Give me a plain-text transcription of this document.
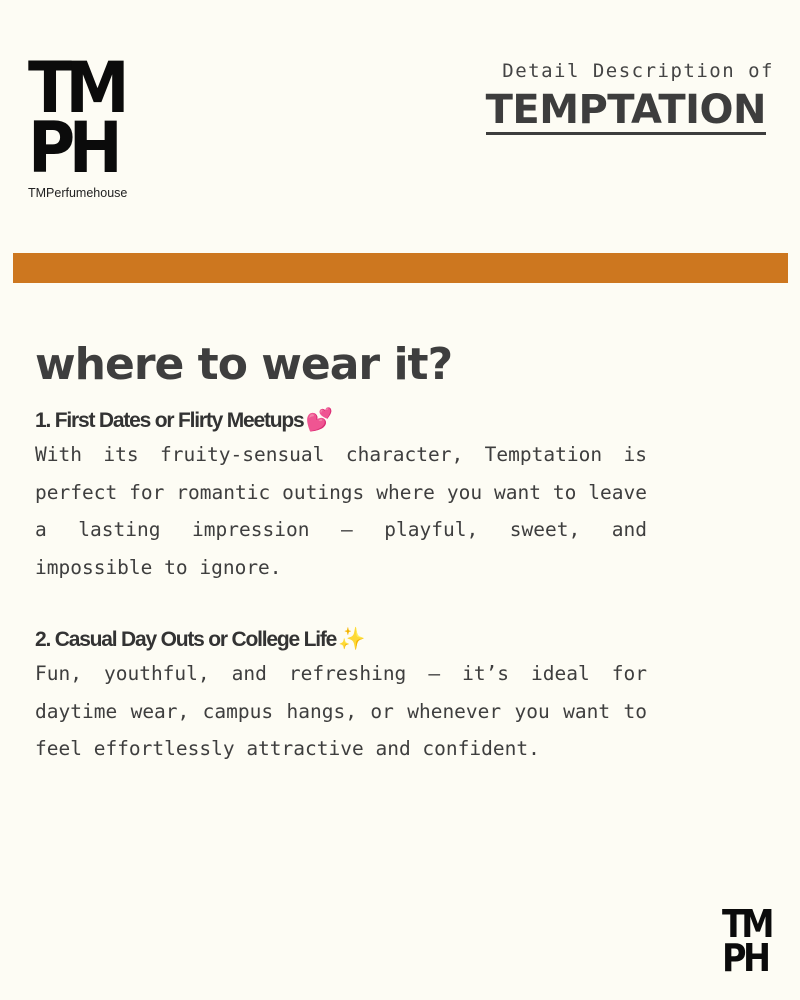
TM
PH
TMPerfumehouse
Detail Description of
TEMPTATION
where to wear it?
1. First Dates or Flirty Meetups💕

With its fruity-sensual character, Temptation is perfect for romantic outings where you want to leave a lasting impression — playful, sweet, and impossible to ignore.

2. Casual Day Outs or College Life✨

Fun, youthful, and refreshing — it’s ideal for daytime wear, campus hangs, or whenever you want to feel effortlessly attractive and confident.

TM
PH
